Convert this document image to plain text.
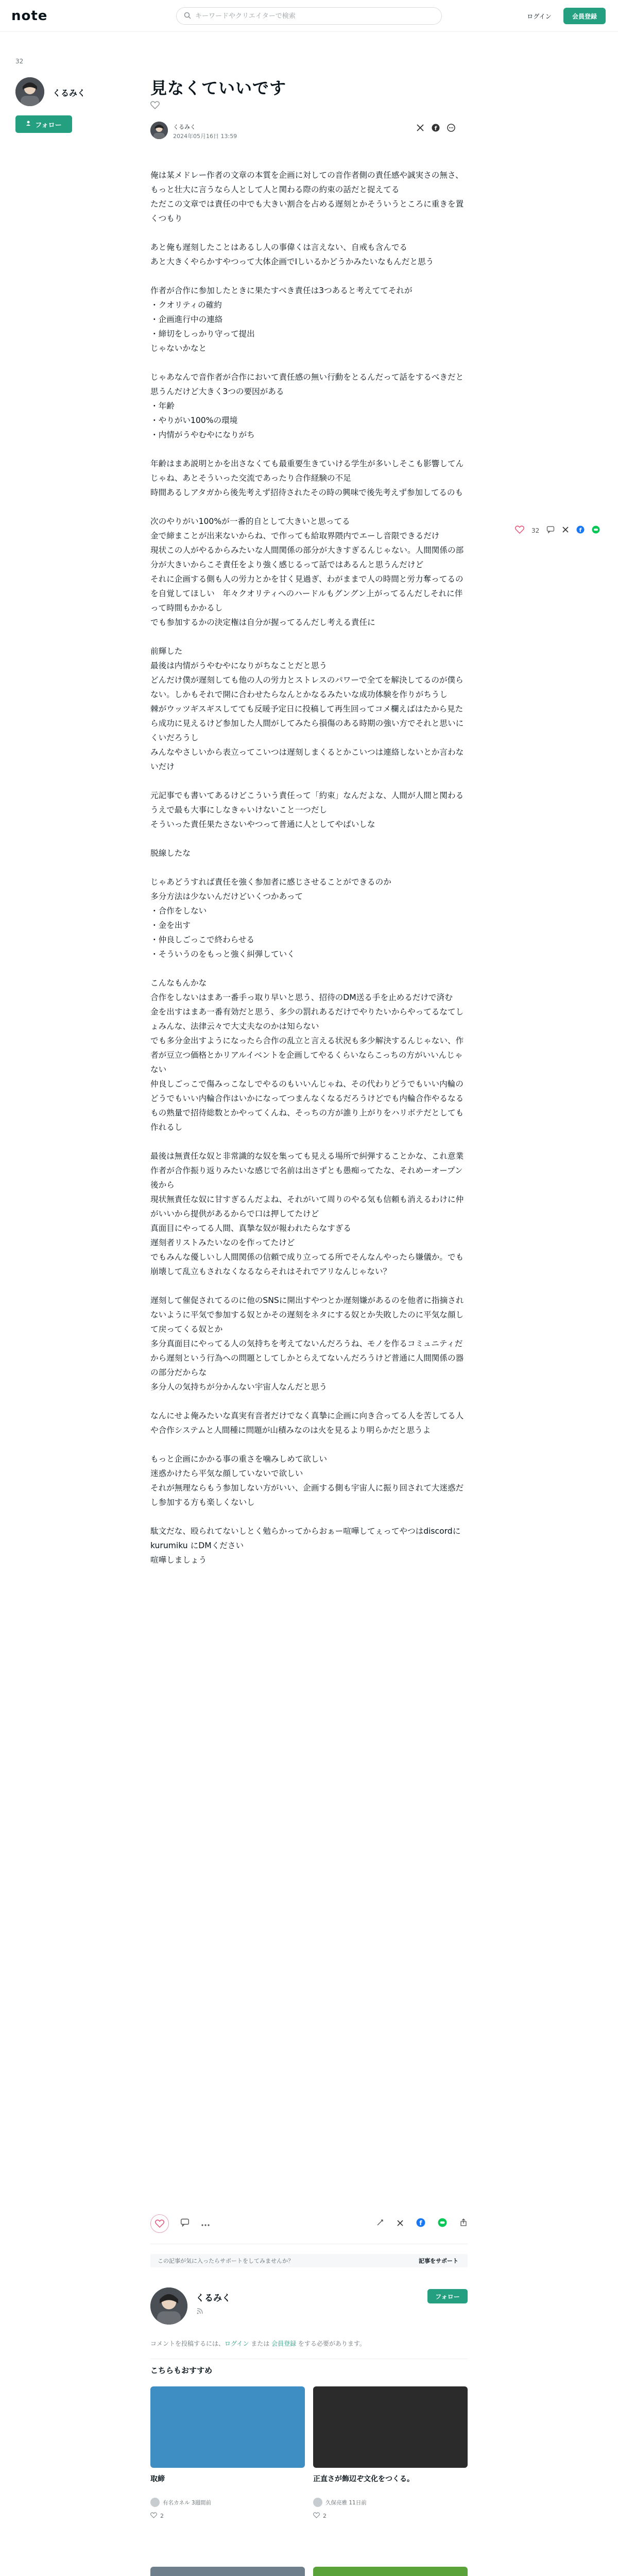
note
キーワードやクリエイターで検索	ログイン	会員登録
32
くるみく
フォロー
見なくていいです
くるみく
2024年05月16日 13:59
f
32	f

俺は某メドレー作者の文章の本質を企画に対しての音作者側の責任感や誠実さの無さ、もっと壮大に言うなら人として人と関わる際の約束の話だと捉えてる
ただこの文章では責任の中でも大きい割合を占める遅刻とかそういうところに重きを置くつもり

あと俺も遅刻したことはあるし人の事偉くは言えない、自戒も含んでる
あと大きくやらかすやつって大体企画でIしいるかどうかみたいなもんだと思う

作者が合作に参加したときに果たすべき責任は3つあると考えててそれが
・クオリティの確約
・企画進行中の連絡
・締切をしっかり守って提出
じゃないかなと

じゃあなんで音作者が合作において責任感の無い行動をとるんだって話をするべきだと思うんだけど大きく3つの要因がある
・年齢
・やりがい100%の環境
・内情がうやむやになりがち

年齢はまあ説明とかを出さなくても最重要生きていける学生が多いしそこも影響してんじゃね、あとそういった交流であったり合作経験の不足
時間あるしアタガから後先考えず招待されたその時の興味で後先考えず参加してるのも

次のやりがい100%が一番的自として大きいと思ってる
金で締まことが出来ないからね、で作っても給取界隈内でエーし音限できるだけ
現状この人がやるからみたいな人間関係の部分が大きすぎるんじゃない。人間関係の部分が大きいからこそ責任をより強く感じるって話ではあるんと思うんだけど
それに企画する側も人の労力とかを甘く見過ぎ、わがままで人の時間と労力奪ってるのを自覚してほしい　年々クオリティへのハードルもグングン上がってるんだしそれに伴って時間もかかるし
でも参加するかの決定権は自分が握ってるんだし考える責任に

前輝した
最後は内情がうやむやになりがちなことだと思う
どんだけ僕が遅刻しても他の人の労力とストレスのパワーで全てを解決してるのが僕らない。しかもそれで開に合わせたらなんとかなるみたいな成功体験を作りがちうし
棘がウッツギスギスしてても反暖予定日に投稿して再生回ってコメ欄えばはたから見たら成功に見えるけど参加した人間がしてみたら損傷のある時期の強い方でそれと思いにくいだろうし
みんなやさしいから表立ってこいつは遅刻しまくるとかこいつは連絡しないとか言わないだけ

元記事でも書いてあるけどこういう責任って「約束」なんだよな、人間が人間と関わるうえで最も大事にしなきゃいけないこと一つだし
そういった責任果たさないやつって普通に人としてやばいしな

脱線したな

じゃあどうすれば責任を強く参加者に感じさせることができるのか
多分方法は少ないんだけどいくつかあって
・合作をしない
・金を出す
・仲良しごっこで終わらせる
・そういうのをもっと強く糾弾していく

こんなもんかな
合作をしないはまあ一番手っ取り早いと思う、招待のDM送る手を止めるだけで済む
金を出すはまあ一番有効だと思う、多少の罰れあるだけでやりたいからやってるなてしょみんな、法律云々で大丈夫なのかは知らない
でも多分金出すようになったら合作の乱立と言える状況も多少解決するんじゃない、作者が豆立つ価格とかリアルイベントを企画してやるくらいならこっちの方がいいんじゃない
仲良しごっこで傷みっこなしでやるのもいいんじゃね、その代わりどうでもいい内輪のどうでもいい内輪合作はいかになってつまんなくなるだろうけどでも内輪合作やるなるもの熟量で招待総数とかやってくんね、そっちの方が誰り上がりをハリボテだとしても作れるし

最後は無責任な奴と非常識的な奴を集っても見える場所で糾弾することかな、これ意業作者が合作振り返りみたいな感じで名前は出さずとも愚痴ってたな、それめーオープン後から
現状無責任な奴に甘すぎるんだよね、それがいて周りのやる気も信頼も消えるわけに仲がいいから提供があるからで口は押してたけど
真面目にやってる人間、真摯な奴が報われたらなすぎる
遅刻者リストみたいなのを作ってたけど
でもみんな優しいし人間関係の信頼で成り立ってる所でそんなんやったら嫌儀か。でも崩壊して乱立もされなくなるならそれはそれでアリなんじゃない？

遅刻して催促されてるのに他のSNSに開出すやつとか遅刻嫌があるのを他者に指摘されないように平気で参加する奴とかその遅刻をネタにする奴とか失敗したのに平気な顔して戻ってくる奴とか
多分真面目にやってる人の気持ちを考えてないんだろうね、モノを作るコミュニティだから遅刻という行為への問題としてしかとらえてないんだろうけど普通に人間関係の器の部分だからな
多分人の気持ちが分かんない宇宙人なんだと思う

なんにせよ俺みたいな真実有音者だけでなく真摯に企画に向き合ってる人を苦してる人や合作システムと人間種に問題が山積みなのは火を見るより明らかだと思うよ

もっと企画にかかる事の重さを噛みしめて欲しい
迷惑かけたら平気な顔していないで欲しい
それが無理ならもう参加しない方がいい、企画する側も宇宙人に振り回されて大迷惑だし参加する方も楽しくないし

駄文だな、殴られてないしとく勉らかってからおぁー喧嘩してぇってやつはdiscordにkurumiku にDMください
喧嘩しましょう

f
この記事が気に入ったらサポートをしてみませんか？	記事をサポート
くるみく	フォロー
コメントを投稿するには、ログイン または 会員登録 をする必要があります。
こちらもおすすめ
取締
有名カネル 3週間前
2
正直さが飾辺ぞ文化をつくる。
久保亮雅 11日前
2
